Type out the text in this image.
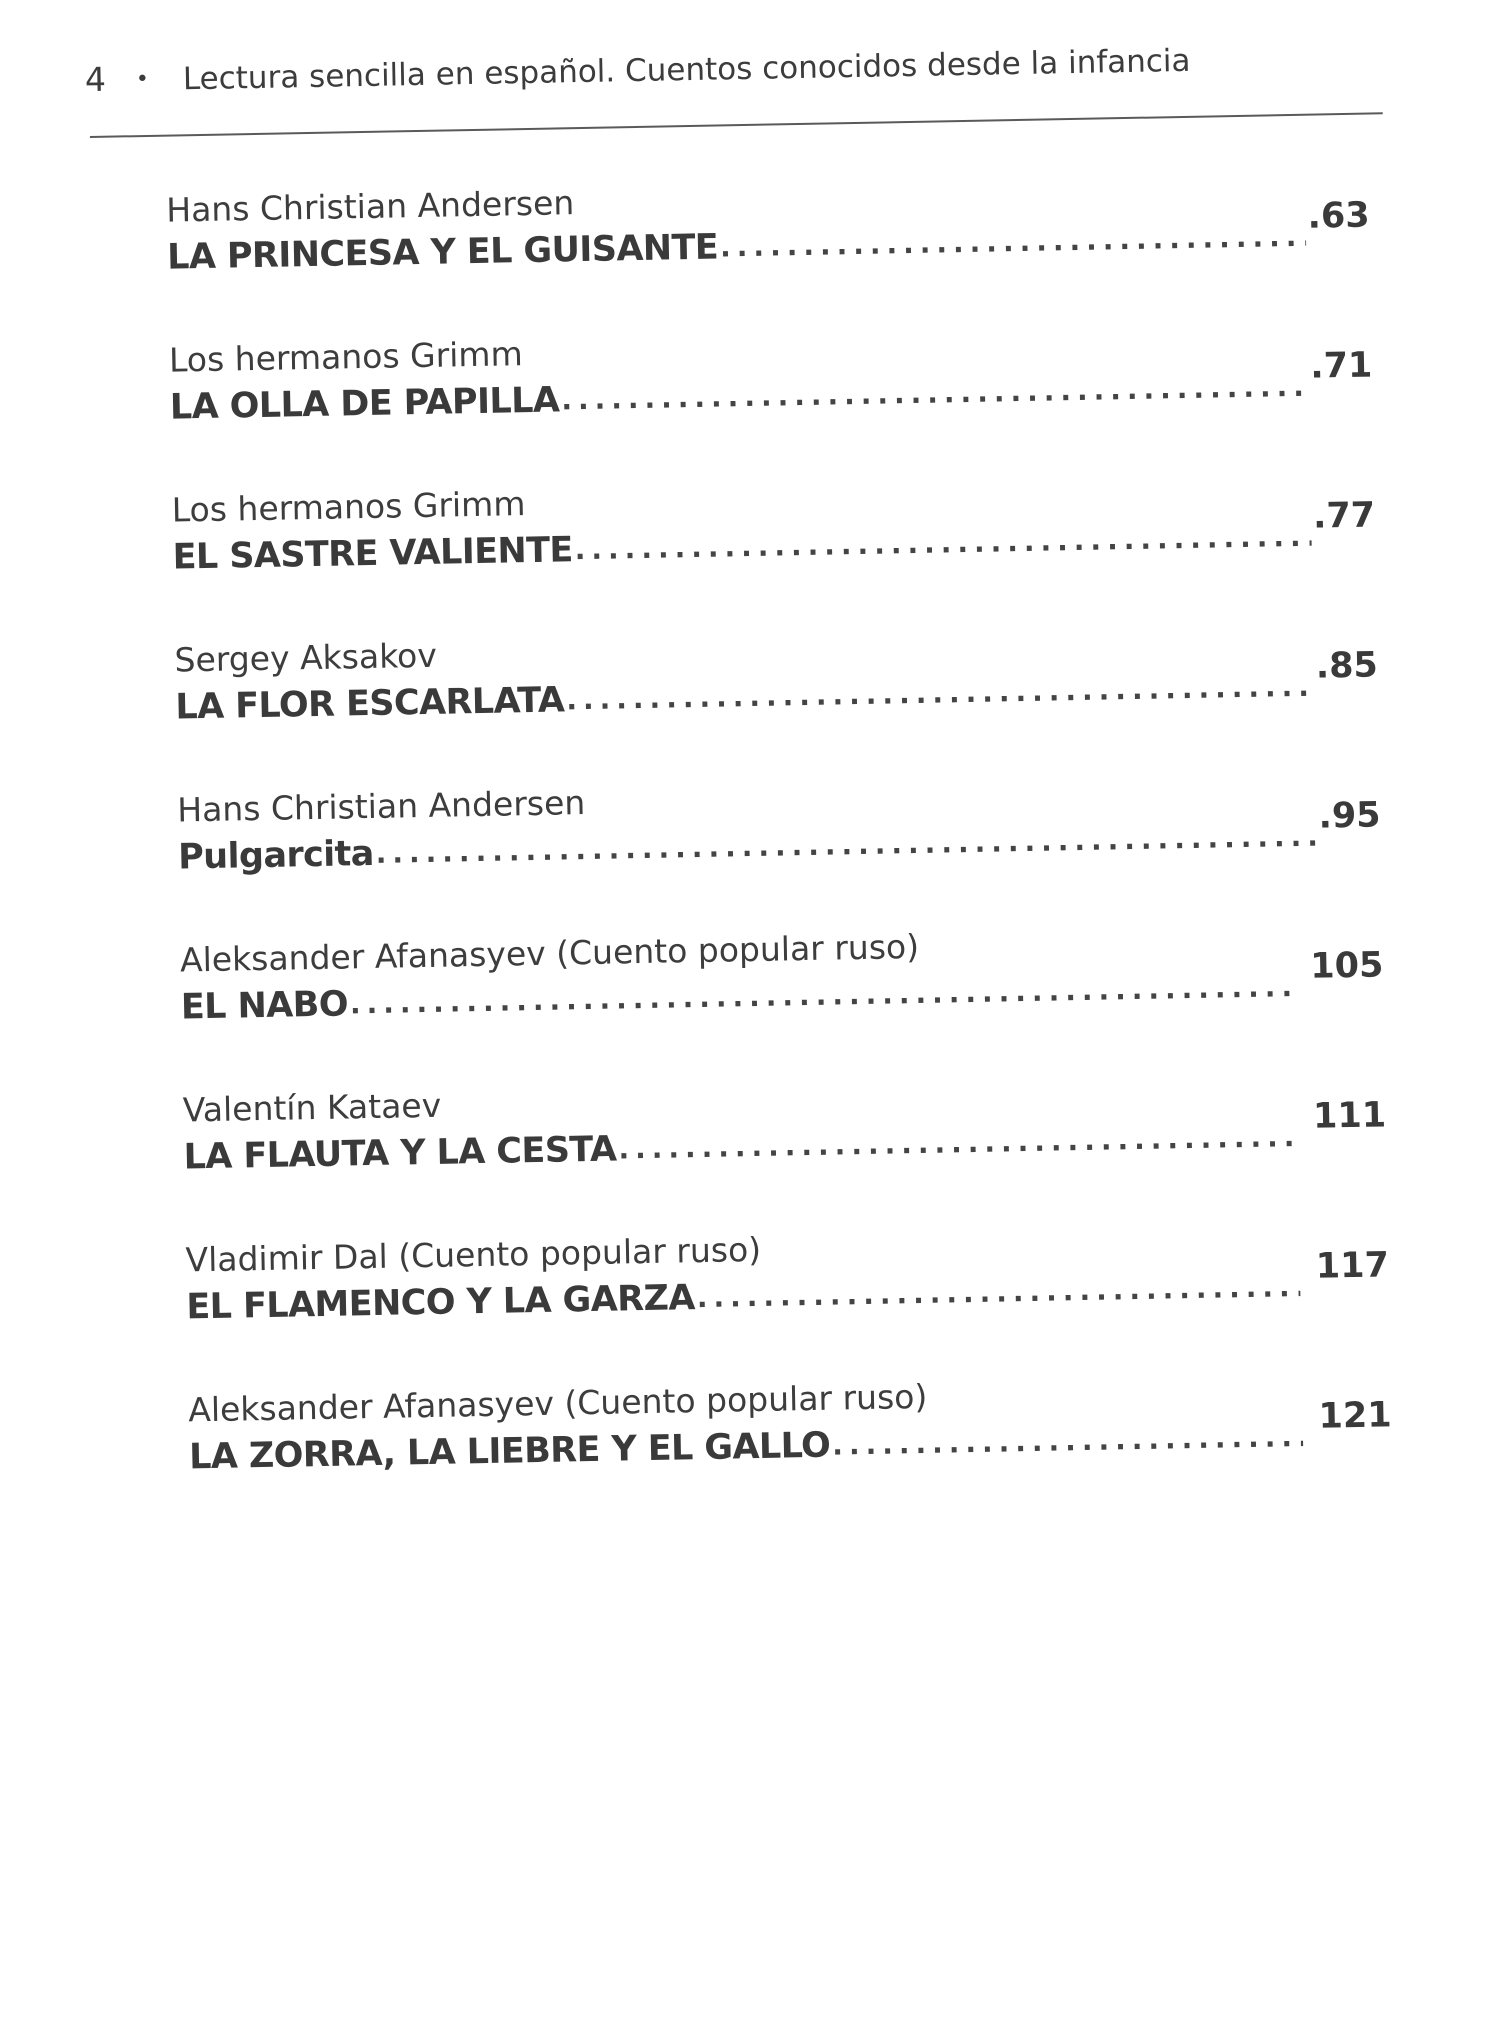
4 • Lectura sencilla en español. Cuentos conocidos desde la infancia
Hans Christian Andersen
LA PRINCESA Y EL GUISANTE
.....
.63
Los hermanos Grimm
LA OLLA DE PAPILLA
.....
.71
Los hermanos Grimm
EL SASTRE VALIENTE
.....
.77
Sergey Aksakov
LA FLOR ESCARLATA
.....
.85
Hans Christian Andersen
Pulgarcita
.....
.95
Aleksander Afanasyev (Cuento popular ruso)
EL NABO
.....
105
Valentín Kataev
LA FLAUTA Y LA CESTA
.....
111
Vladimir Dal (Cuento popular ruso)
EL FLAMENCO Y LA GARZA
.....
117
Aleksander Afanasyev (Cuento popular ruso)
LA ZORRA, LA LIEBRE Y EL GALLO
.....
121
